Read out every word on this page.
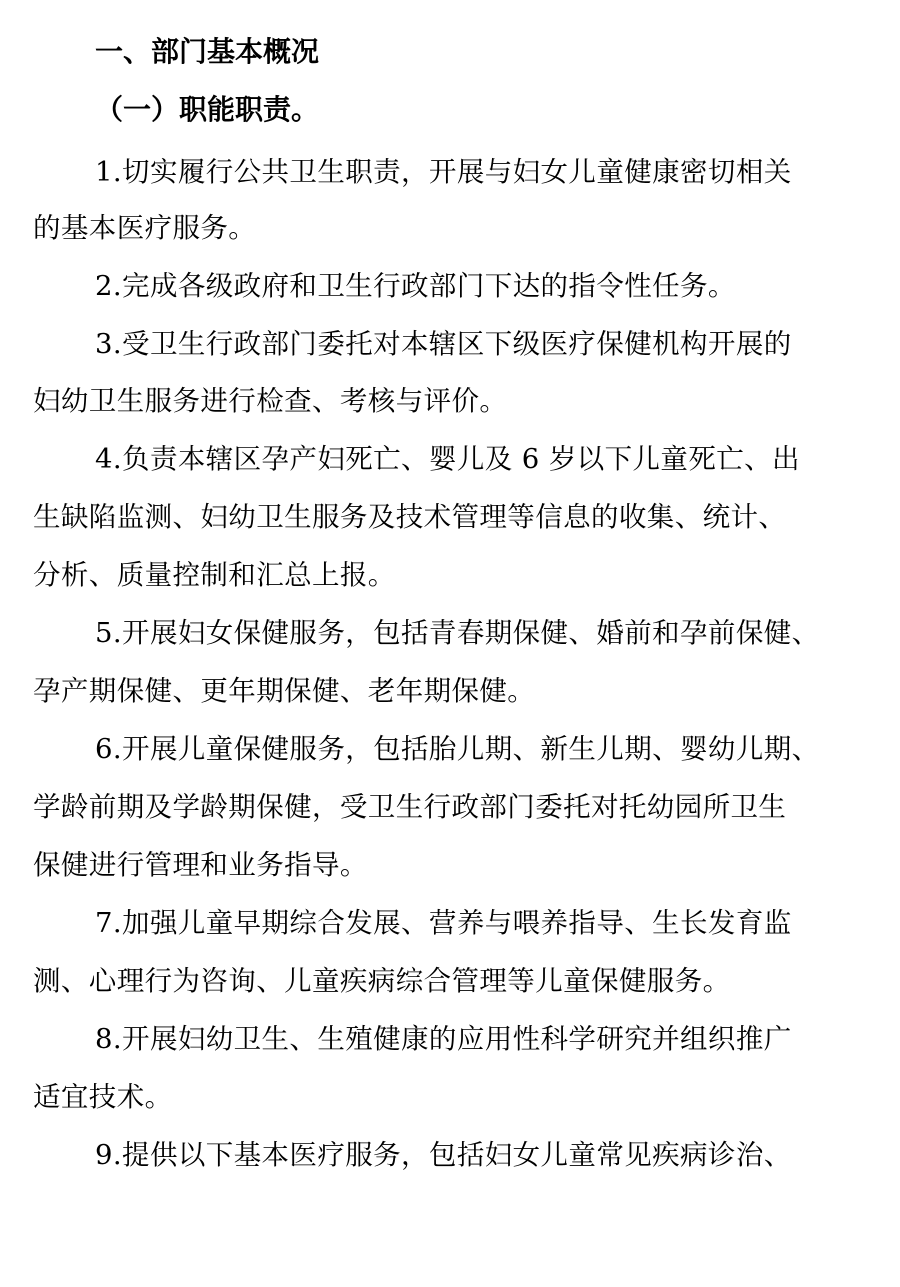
一、部门基本概况
（一）职能职责。

1.切实履行公共卫生职责，开展与妇女儿童健康密切相关

的基本医疗服务。

2.完成各级政府和卫生行政部门下达的指令性任务。

3.受卫生行政部门委托对本辖区下级医疗保健机构开展的

妇幼卫生服务进行检查、考核与评价。

4.负责本辖区孕产妇死亡、婴儿及 6 岁以下儿童死亡、出

生缺陷监测、妇幼卫生服务及技术管理等信息的收集、统计、

分析、质量控制和汇总上报。

5.开展妇女保健服务，包括青春期保健、婚前和孕前保健、

孕产期保健、更年期保健、老年期保健。

6.开展儿童保健服务，包括胎儿期、新生儿期、婴幼儿期、

学龄前期及学龄期保健，受卫生行政部门委托对托幼园所卫生

保健进行管理和业务指导。

7.加强儿童早期综合发展、营养与喂养指导、生长发育监

测、心理行为咨询、儿童疾病综合管理等儿童保健服务。

8.开展妇幼卫生、生殖健康的应用性科学研究并组织推广

适宜技术。

9.提供以下基本医疗服务，包括妇女儿童常见疾病诊治、
